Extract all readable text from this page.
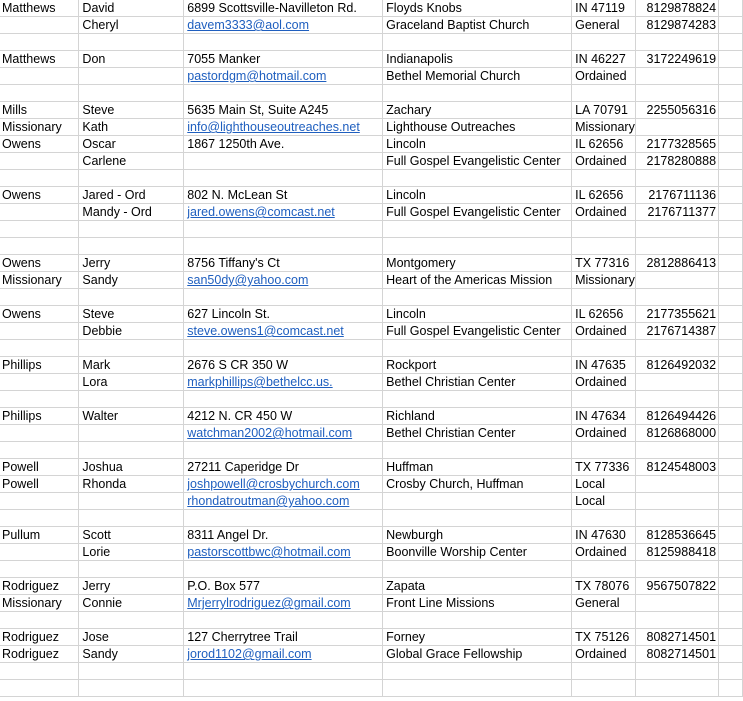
Matthews	David	6899 Scottsville-Navilleton Rd.	Floyds Knobs	IN 47119	8129878824	
	Cheryl	davem3333@aol.com	Graceland Baptist Church	General	8129874283	

Matthews	Don	7055 Manker	Indianapolis	IN 46227	3172249619	
		pastordgm@hotmail.com	Bethel Memorial Church	Ordained		

Mills	Steve	5635 Main St, Suite A245	Zachary	LA 70791	2255056316	
Missionary	Kath	info@lighthouseoutreaches.net	Lighthouse Outreaches	Missionary		
Owens	Oscar	1867 1250th Ave.	Lincoln	IL 62656	2177328565	
	Carlene		Full Gospel Evangelistic Center	Ordained	2178280888	

Owens	Jared - Ord	802 N. McLean St	Lincoln	IL 62656	2176711136	
	Mandy - Ord	jared.owens@comcast.net	Full Gospel Evangelistic Center	Ordained	2176711377	

Owens	Jerry	8756 Tiffany's Ct	Montgomery	TX 77316	2812886413	
Missionary	Sandy	san50dy@yahoo.com	Heart of the Americas Mission	Missionary		

Owens	Steve	627 Lincoln St.	Lincoln	IL 62656	2177355621	
	Debbie	steve.owens1@comcast.net	Full Gospel Evangelistic Center	Ordained	2176714387	

Phillips	Mark	2676 S CR 350 W	Rockport	IN 47635	8126492032	
	Lora	markphillips@bethelcc.us.	Bethel Christian Center	Ordained		

Phillips	Walter	4212 N. CR 450 W	Richland	IN 47634	8126494426	
		watchman2002@hotmail.com	Bethel Christian Center	Ordained	8126868000	

Powell	Joshua	27211 Caperidge Dr	Huffman	TX 77336	8124548003	
Powell	Rhonda	joshpowell@crosbychurch.com	Crosby Church, Huffman	Local		
		rhondatroutman@yahoo.com		Local		

Pullum	Scott	8311 Angel Dr.	Newburgh	IN 47630	8128536645	
	Lorie	pastorscottbwc@hotmail.com	Boonville Worship Center	Ordained	8125988418	

Rodriguez	Jerry	P.O. Box 577	Zapata	TX 78076	9567507822	
Missionary	Connie	Mrjerrylrodriguez@gmail.com	Front Line Missions	General		

Rodriguez	Jose	127 Cherrytree Trail	Forney	TX 75126	8082714501	
Rodriguez	Sandy	jorod1102@gmail.com	Global Grace Fellowship	Ordained	8082714501	
